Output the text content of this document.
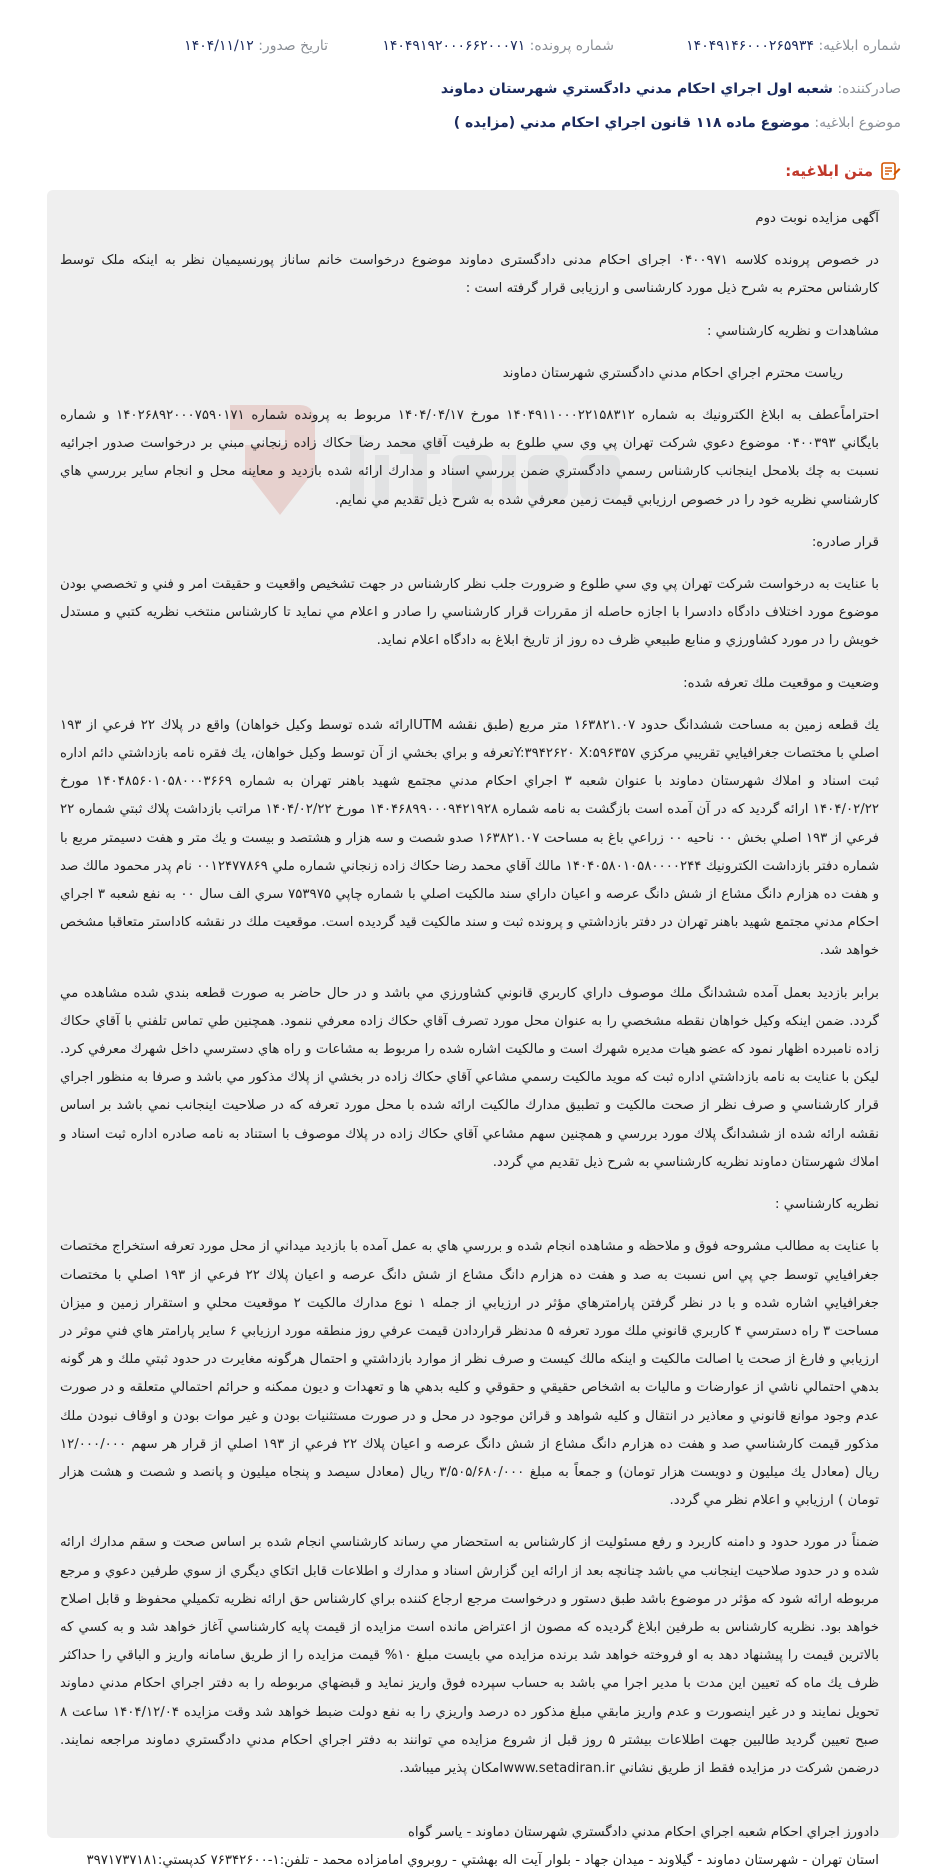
شماره ابلاغيه: ۱۴۰۴۹۱۴۶۰۰۰۲۶۵۹۳۴
شماره پرونده: ۱۴۰۴۹۱۹۲۰۰۰۶۶۲۰۰۰۷۱
تاريخ صدور: ۱۴۰۴/۱۱/۱۲
صادركننده: شعبه اول اجراي احكام مدني دادگستري شهرستان دماوند
موضوع ابلاغيه: موضوع ماده ۱۱۸ قانون اجراي احكام مدني (مزايده )
متن ابلاغيه:

آگهی مزایده نوبت دوم

در خصوص پرونده کلاسه ۰۴۰۰۹۷۱ اجرای احکام مدنی دادگستری دماوند موضوع درخواست خانم ساناز پورنسیمیان نظر به اینکه ملک توسط کارشناس محترم به شرح ذیل مورد کارشناسی و ارزیابی قرار گرفته است :

مشاهدات و نظريه كارشناسي :

رياست محترم اجراي احكام مدني دادگستري شهرستان دماوند

احتراماًعطف به ابلاغ الكترونيك به شماره ۱۴۰۴۹۱۱۰۰۰۲۲۱۵۸۳۱۲ مورخ ۱۴۰۴/۰۴/۱۷ مربوط به پرونده شماره ۱۴۰۲۶۸۹۲۰۰۰۷۵۹۰۱۷۱ و شماره بايگاني ۰۴۰۰۳۹۳ موضوع دعوي شركت تهران پي وي سي طلوع به طرفيت آقاي محمد رضا حكاك زاده زنجاني مبني بر درخواست صدور اجرائيه نسبت به چك بلامحل اينجانب كارشناس رسمي دادگستري ضمن بررسي اسناد و مدارك ارائه شده بازديد و معاينه محل و انجام ساير بررسي هاي كارشناسي نظريه خود را در خصوص ارزيابي قيمت زمين معرفي شده به شرح ذيل تقديم مي نمايم.

قرار صادره:

با عنايت به درخواست شركت تهران پي وي سي طلوع و ضرورت جلب نظر كارشناس در جهت تشخيص واقعيت و حقيقت امر و فني و تخصصي بودن موضوع مورد اختلاف دادگاه دادسرا با اجازه حاصله از مقررات قرار كارشناسي را صادر و اعلام مي نمايد تا كارشناس منتخب نظريه كتبي و مستدل خويش را در مورد كشاورزي و منابع طبيعي ظرف ده روز از تاريخ ابلاغ به دادگاه اعلام نمايد.

وضعيت و موقعيت ملك تعرفه شده:

يك قطعه زمين به مساحت ششدانگ حدود ۱۶۳۸۲۱.۰۷ متر مربع (طبق نقشه UTMارائه شده توسط وكيل خواهان) واقع در پلاك ۲۲ فرعي از ۱۹۳ اصلي با مختصات جغرافيايي تقريبي مركزي Y:۳۹۴۲۶۲۰ X:۵۹۶۳۵۷تعرفه و براي بخشي از آن توسط وكيل خواهان، يك فقره نامه بازداشتي دائم اداره ثبت اسناد و املاك شهرستان دماوند با عنوان شعبه ۳ اجراي احكام مدني مجتمع شهيد باهنر تهران به شماره ۱۴۰۴۸۵۶۰۱۰۵۸۰۰۰۳۶۶۹ مورخ ۱۴۰۴/۰۲/۲۲ ارائه گرديد كه در آن آمده است بازگشت به نامه شماره ۱۴۰۴۶۸۹۹۰۰۰۹۴۲۱۹۲۸ مورخ ۱۴۰۴/۰۲/۲۲ مراتب بازداشت پلاك ثبتي شماره ۲۲ فرعي از ۱۹۳ اصلي بخش ۰۰ ناحيه ۰۰ زراعي باغ به مساحت ۱۶۳۸۲۱.۰۷ صدو شصت و سه هزار و هشتصد و بيست و يك متر و هفت دسيمتر مربع با شماره دفتر بازداشت الكترونيك ۱۴۰۴۰۵۸۰۱۰۵۸۰۰۰۰۲۴۴ مالك آقاي محمد رضا حكاك زاده زنجاني شماره ملي ۰۰۱۲۴۷۷۸۶۹ نام پدر محمود مالك صد و هفت ده هزارم دانگ مشاع از شش دانگ عرصه و اعيان داراي سند مالكيت اصلي با شماره چاپي ۷۵۳۹۷۵ سري الف سال ۰۰ به نفع شعبه ۳ اجراي احكام مدني مجتمع شهيد باهنر تهران در دفتر بازداشتي و پرونده ثبت و سند مالكيت قيد گرديده است. موقعيت ملك در نقشه كاداستر متعاقبا مشخص خواهد شد.

برابر بازديد بعمل آمده ششدانگ ملك موصوف داراي كاربري قانوني كشاورزي مي باشد و در حال حاضر به صورت قطعه بندي شده مشاهده مي گردد. ضمن اينكه وكيل خواهان نقطه مشخصي را به عنوان محل مورد تصرف آقاي حكاك زاده معرفي ننمود. همچنين طي تماس تلفني با آقاي حكاك زاده نامبرده اظهار نمود كه عضو هيات مديره شهرك است و مالكيت اشاره شده را مربوط به مشاعات و راه هاي دسترسي داخل شهرك معرفي كرد. ليكن با عنايت به نامه بازداشتي اداره ثبت كه مويد مالكيت رسمي مشاعي آقاي حكاك زاده در بخشي از پلاك مذكور مي باشد و صرفا به منظور اجراي قرار كارشناسي و صرف نظر از صحت مالكيت و تطبيق مدارك مالكيت ارائه شده با محل مورد تعرفه كه در صلاحيت اينجانب نمي باشد بر اساس نقشه ارائه شده از ششدانگ پلاك مورد بررسي و همچنين سهم مشاعي آقاي حكاك زاده در پلاك موصوف با استناد به نامه صادره اداره ثبت اسناد و املاك شهرستان دماوند نظريه كارشناسي به شرح ذيل تقديم مي گردد.

نظريه كارشناسي :

با عنايت به مطالب مشروحه فوق و ملاحظه و مشاهده انجام شده و بررسي هاي به عمل آمده با بازديد ميداني از محل مورد تعرفه استخراج مختصات جغرافيايي توسط جي پي اس نسبت به صد و هفت ده هزارم دانگ مشاع از شش دانگ عرصه و اعيان پلاك ۲۲ فرعي از ۱۹۳ اصلي با مختصات جغرافيايي اشاره شده و با در نظر گرفتن پارامترهاي مؤثر در ارزيابي از جمله ۱ نوع مدارك مالكيت ۲ موقعيت محلي و استقرار زمين و ميزان مساحت ۳ راه دسترسي ۴ كاربري قانوني ملك مورد تعرفه ۵ مدنظر قراردادن قيمت عرفي روز منطقه مورد ارزيابي ۶ ساير پارامتر هاي فني موثر در ارزيابي و فارغ از صحت يا اصالت مالكيت و اينكه مالك كيست و صرف نظر از موارد بازداشتي و احتمال هرگونه مغايرت در حدود ثبتي ملك و هر گونه بدهي احتمالي ناشي از عوارضات و ماليات به اشخاص حقيقي و حقوقي و كليه بدهي ها و تعهدات و ديون ممكنه و حرائم احتمالي متعلقه و در صورت عدم وجود موانع قانوني و معاذير در انتقال و كليه شواهد و قرائن موجود در محل و در صورت مستثنيات بودن و غير موات بودن و اوقاف نبودن ملك مذكور قيمت كارشناسي صد و هفت ده هزارم دانگ مشاع از شش دانگ عرصه و اعيان پلاك ۲۲ فرعي از ۱۹۳ اصلي از قرار هر سهم ۱۲/۰۰۰/۰۰۰ ريال (معادل يك ميليون و دويست هزار تومان) و جمعاً به مبلغ ۳/۵۰۵/۶۸۰/۰۰۰ ريال (معادل سيصد و پنجاه ميليون و پانصد و شصت و هشت هزار تومان ) ارزيابي و اعلام نظر مي گردد.

ضمناً در مورد حدود و دامنه كاربرد و رفع مسئوليت از كارشناس به استحضار مي رساند كارشناسي انجام شده بر اساس صحت و سقم مدارك ارائه شده و در حدود صلاحيت اينجانب مي باشد چنانچه بعد از ارائه اين گزارش اسناد و مدارك و اطلاعات قابل اتكاي ديگري از سوي طرفين دعوي و مرجع مربوطه ارائه شود كه مؤثر در موضوع باشد طبق دستور و درخواست مرجع ارجاع كننده براي كارشناس حق ارائه نظريه تكميلي محفوظ و قابل اصلاح خواهد بود. نظريه كارشناس به طرفين ابلاغ گرديده كه مصون از اعتراض مانده است مزايده از قيمت پايه كارشناسي آغاز خواهد شد و به كسي كه بالاترين قيمت را پيشنهاد دهد به او فروخته خواهد شد برنده مزايده مي بايست مبلغ ۱۰% قيمت مزايده را از طريق سامانه واريز و الباقي را حداكثر ظرف يك ماه كه تعيين اين مدت با مدير اجرا مي باشد به حساب سپرده فوق واريز نمايد و قبضهاي مربوطه را به دفتر اجراي احكام مدني دماوند تحويل نمايند و در غير اينصورت و عدم واريز مابقي مبلغ مذكور ده درصد واريزي را به نفع دولت ضبط خواهد شد وقت مزايده ۱۴۰۴/۱۲/۰۴ ساعت ۸ صبح تعيين گرديد طالبين جهت اطلاعات بيشتر ۵ روز قبل از شروع مزايده مي توانند به دفتر اجراي احكام مدني دادگستري دماوند مراجعه نمايند. درضمن شركت در مزايده فقط از طريق نشاني www.setadiran.irامكان پذير ميباشد.

دادورز اجراي احكام شعبه اجراي احكام مدني دادگستري شهرستان دماوند - ياسر گواه

استان تهران - شهرستان دماوند - گيلاوند - ميدان جهاد - بلوار آيت اله بهشتي - روبروي امامزاده محمد - تلفن:۱-۷۶۳۴۲۶۰۰ كدپستي:۳۹۷۱۷۳۷۱۸۱
